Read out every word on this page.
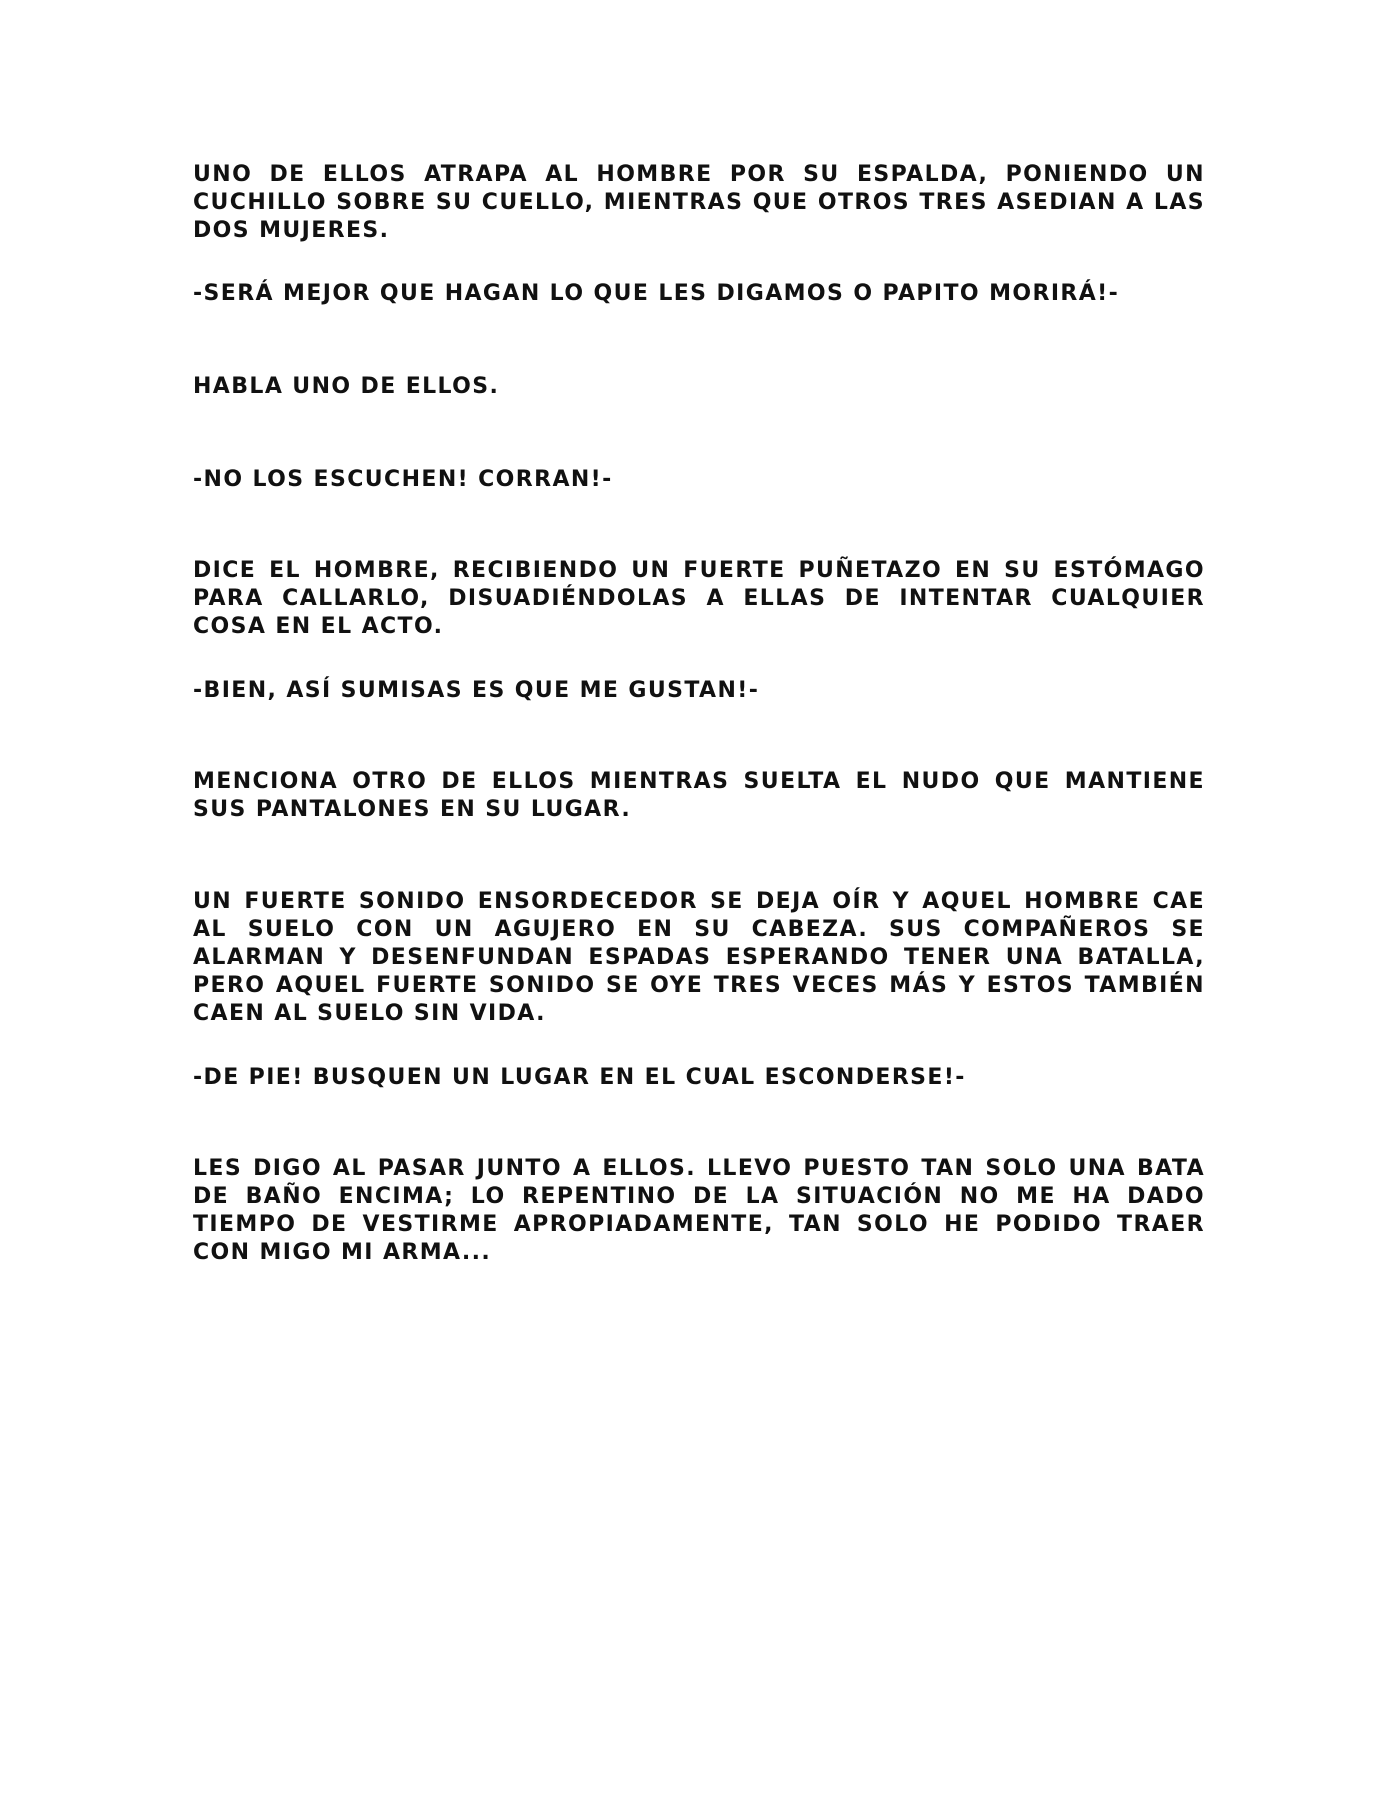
UNO DE ELLOS ATRAPA AL HOMBRE POR SU ESPALDA, PONIENDO UN CUCHILLO SOBRE SU CUELLO, MIENTRAS QUE OTROS TRES ASEDIAN A LAS DOS MUJERES.

-SERÁ MEJOR QUE HAGAN LO QUE LES DIGAMOS O PAPITO MORIRÁ!-

HABLA UNO DE ELLOS.

-NO LOS ESCUCHEN! CORRAN!-

DICE EL HOMBRE, RECIBIENDO UN FUERTE PUÑETAZO EN SU ESTÓMAGO PARA CALLARLO, DISUADIÉNDOLAS A ELLAS DE INTENTAR CUALQUIER COSA EN EL ACTO.

-BIEN, ASÍ SUMISAS ES QUE ME GUSTAN!-

MENCIONA OTRO DE ELLOS MIENTRAS SUELTA EL NUDO QUE MANTIENE SUS PANTALONES EN SU LUGAR.

UN FUERTE SONIDO ENSORDECEDOR SE DEJA OÍR Y AQUEL HOMBRE CAE AL SUELO CON UN AGUJERO EN SU CABEZA. SUS COMPAÑEROS SE ALARMAN Y DESENFUNDAN ESPADAS ESPERANDO TENER UNA BATALLA, PERO AQUEL FUERTE SONIDO SE OYE TRES VECES MÁS Y ESTOS TAMBIÉN CAEN AL SUELO SIN VIDA.

-DE PIE! BUSQUEN UN LUGAR EN EL CUAL ESCONDERSE!-

LES DIGO AL PASAR JUNTO A ELLOS. LLEVO PUESTO TAN SOLO UNA BATA DE BAÑO ENCIMA; LO REPENTINO DE LA SITUACIÓN NO ME HA DADO TIEMPO DE VESTIRME APROPIADAMENTE, TAN SOLO HE PODIDO TRAER CON MIGO MI ARMA...
